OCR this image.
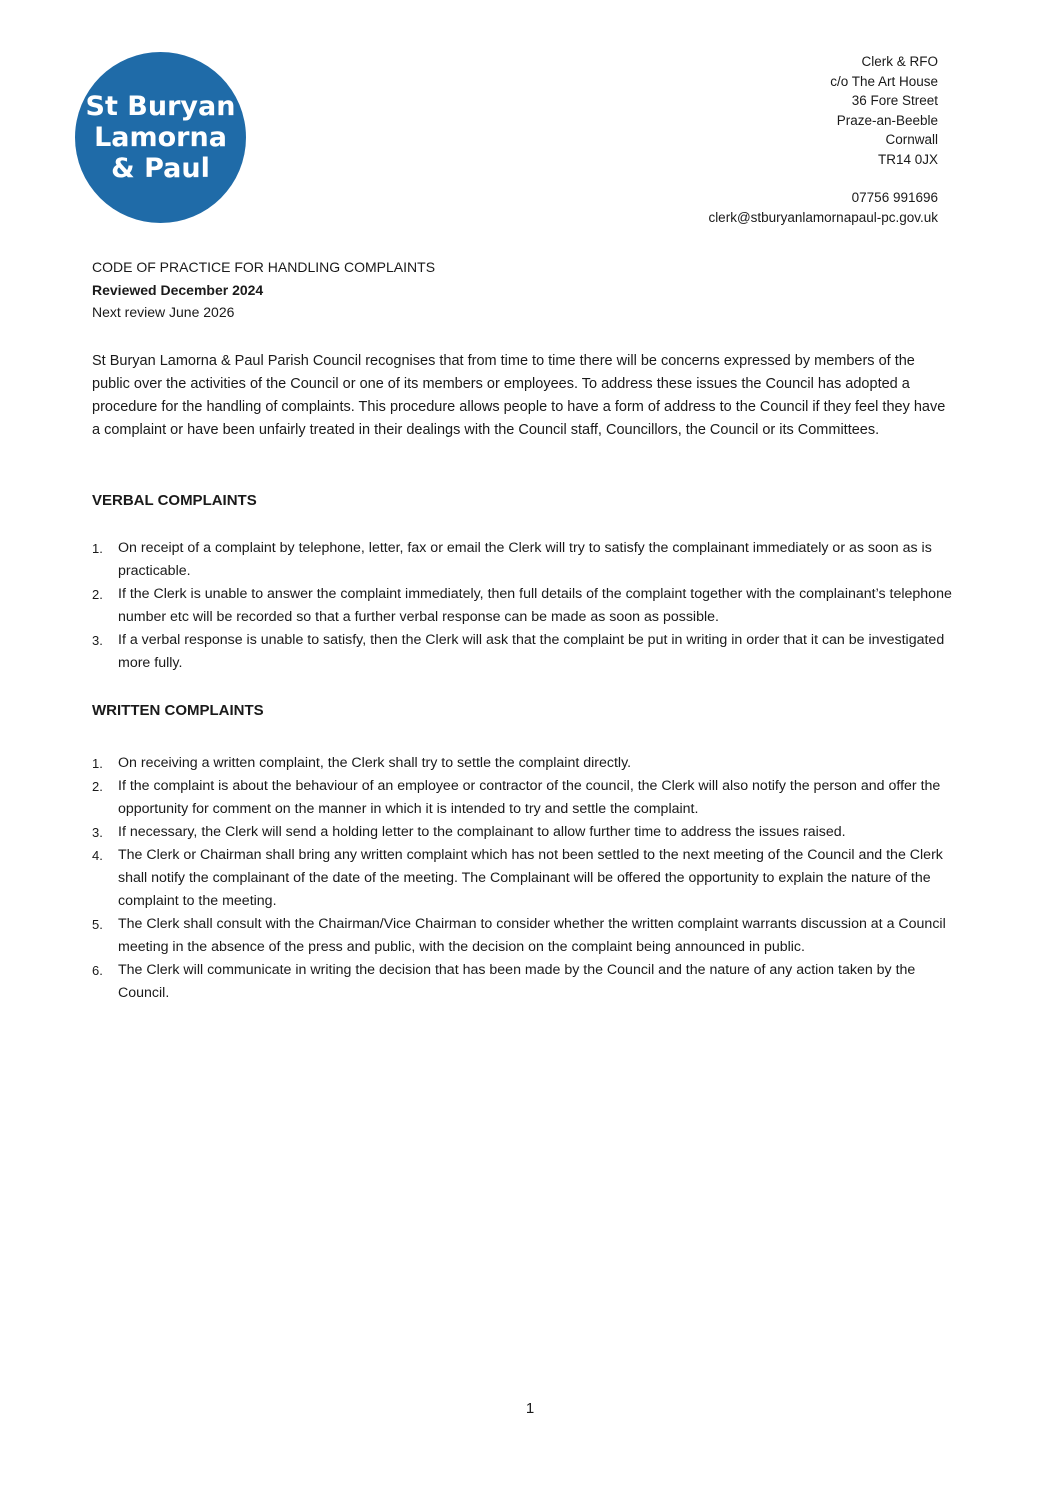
St Buryan
Lamorna
& Paul
Clerk & RFO
c/o The Art House
36 Fore Street
Praze-an-Beeble
Cornwall
TR14 0JX
07756 991696
clerk@stburyanlamornapaul-pc.gov.uk
CODE OF PRACTICE FOR HANDLING COMPLAINTS
Reviewed December 2024
Next review June 2026

St Buryan Lamorna & Paul Parish Council recognises that from time to time there will be concerns expressed by members of the public over the activities of the Council or one of its members or employees. To address these issues the Council has adopted a procedure for the handling of complaints. This procedure allows people to have a form of address to the Council if they feel they have a complaint or have been unfairly treated in their dealings with the Council staff, Councillors, the Council or its Committees.

VERBAL COMPLAINTS
1. On receipt of a complaint by telephone, letter, fax or email the Clerk will try to satisfy the complainant immediately or as soon as is practicable.
2. If the Clerk is unable to answer the complaint immediately, then full details of the complaint together with the complainant’s telephone number etc will be recorded so that a further verbal response can be made as soon as possible.
3. If a verbal response is unable to satisfy, then the Clerk will ask that the complaint be put in writing in order that it can be investigated more fully.
WRITTEN COMPLAINTS
1. On receiving a written complaint, the Clerk shall try to settle the complaint directly.
2. If the complaint is about the behaviour of an employee or contractor of the council, the Clerk will also notify the person and offer the opportunity for comment on the manner in which it is intended to try and settle the complaint.
3. If necessary, the Clerk will send a holding letter to the complainant to allow further time to address the issues raised.
4. The Clerk or Chairman shall bring any written complaint which has not been settled to the next meeting of the Council and the Clerk shall notify the complainant of the date of the meeting. The Complainant will be offered the opportunity to explain the nature of the complaint to the meeting.
5. The Clerk shall consult with the Chairman/Vice Chairman to consider whether the written complaint warrants discussion at a Council meeting in the absence of the press and public, with the decision on the complaint being announced in public.
6. The Clerk will communicate in writing the decision that has been made by the Council and the nature of any action taken by the Council.
1
